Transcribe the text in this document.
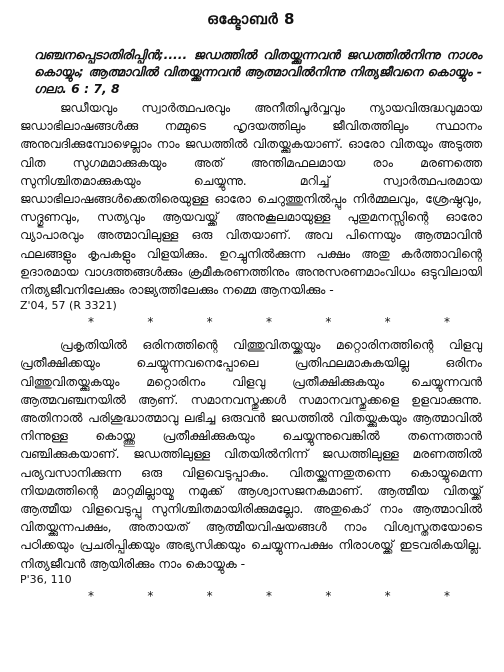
ഒക്ടോബർ 8
വഞ്ചനപ്പെടാതിരിപ്പിൻ;..... ജഡത്തിൽ വിതയ്ക്കുന്നവൻ ജഡത്തിൽനിന്നു നാശം കൊയ്യും; ആത്മാവിൽ വിതയ്ക്കുന്നവൻ ആത്മാവിൽനിന്നു നിത്യജീവനെ കൊയ്യും - ഗലാ. 6 : 7, 8

ജഡീയവും സ്വാർത്ഥപരവും അനീതിപൂർവ്വവും ന്യായവിരുദ്ധവുമായ ജഡാഭിലാഷങ്ങൾക്കു നമ്മുടെ ഹൃദയത്തിലും ജീവിതത്തിലും സ്ഥാനം അനുവദിക്കുമ്പോഴെല്ലാം നാം ജഡത്തിൽ വിതയ്ക്കുകയാണ്. ഓരോ വിതയും അടുത്ത വിത സുഗമമാക്കുകയും അത് അന്തിമഫലമായ രാം മരണത്തെ സുനിശ്ചിതമാക്കുകയും ചെയ്യുന്നു. മറിച്ച് സ്വാർത്ഥപരമായ ജഡാഭിലാഷങ്ങൾക്കെതിരെയുള്ള ഓരോ ചെറുത്തുനിൽപ്പും നിർമ്മലവും, ശ്രേഷ്ഠവും, സദ്ഗുണവും, സത്യവും ആയവയ്ക്ക് അനുകൂലമായുള്ള പുതുമനസ്സിന്റെ ഓരോ വ്യാപാരവും അത്മാവിലുള്ള ഒരു വിതയാണ്. അവ പിന്നെയും ആത്മാവിൻ ഫലങ്ങളും കൃപകളും വിളയിക്കും. ഉറച്ചുനിൽക്കുന്ന പക്ഷം അതു കർത്താവിന്റെ ഉദാരമായ വാഗ്ദത്തങ്ങൾക്കും ക്രമീകരണത്തിനും അനുസരണമാംവിധം ഒടുവിലായി നിത്യജീവനിലേക്കും രാജ്യത്തിലേക്കും നമ്മെ ആനയിക്കും -

Z'04, 57 (R 3321)
*	*	*	*	*	*	*

പ്രകൃതിയിൽ ഒരിനത്തിന്റെ വിത്തുവിതയ്ക്കയും മറ്റൊരിനത്തിന്റെ വിളവു പ്രതീക്ഷിക്കയും ചെയ്യുന്നവനെപ്പോലെ പ്രതിഫലമാകുകയില്ല ഒരിനം വിത്തുവിതയ്ക്കുകയും മറ്റൊരിനം വിളവു പ്രതീക്ഷിക്കുകയും ചെയ്യുന്നവൻ ആത്മവഞ്ചനയിൽ ആണ്. സമാനവസ്തുക്കൾ സമാനവസ്തുക്കളെ ഉളവാക്കുന്നു. അതിനാൽ പരിശുദ്ധാത്മാവു ലഭിച്ച ഒരുവൻ ജഡത്തിൽ വിതയ്ക്കുകയും ആത്മാവിൽ നിന്നുള്ള കൊയ്ത്തു പ്രതീക്ഷിക്കുകയും ചെയ്യുന്നുവെങ്കിൽ തന്നെത്താൻ വഞ്ചിക്കുകയാണ്. ജഡത്തിലുള്ള വിതയിൽനിന്ന് ജഡത്തിലുള്ള മരണത്തിൽ പര്യവസാനിക്കുന്ന ഒരു വിളവെടുപ്പാകും. വിതയ്ക്കുന്നതുതന്നെ കൊയ്യുമെന്ന നിയമത്തിന്റെ മാറ്റമില്ലായ്മ നമുക്ക് ആശ്വാസജനകമാണ്. ആത്മീയ വിതയ്ക്ക് ആത്മീയ വിളവെടുപ്പു സുനിശ്ചിതമായിരിക്കുമല്ലോ. അതുകൊ് നാം ആത്മാവിൽ വിതയ്ക്കുന്നപക്ഷം, അതായത് ആത്മീയവിഷയങ്ങൾ നാം വിശ്വസ്തതയോടെ പഠിക്കയും പ്രചരിപ്പിക്കയും അഭ്യസിക്കയും ചെയ്യുന്നപക്ഷം നിരാശയ്ക്ക് ഇടവരികയില്ല. നിത്യജീവൻ ആയിരിക്കും നാം കൊയ്യുക -

P'36, 110
*	*	*	*	*	*	*
